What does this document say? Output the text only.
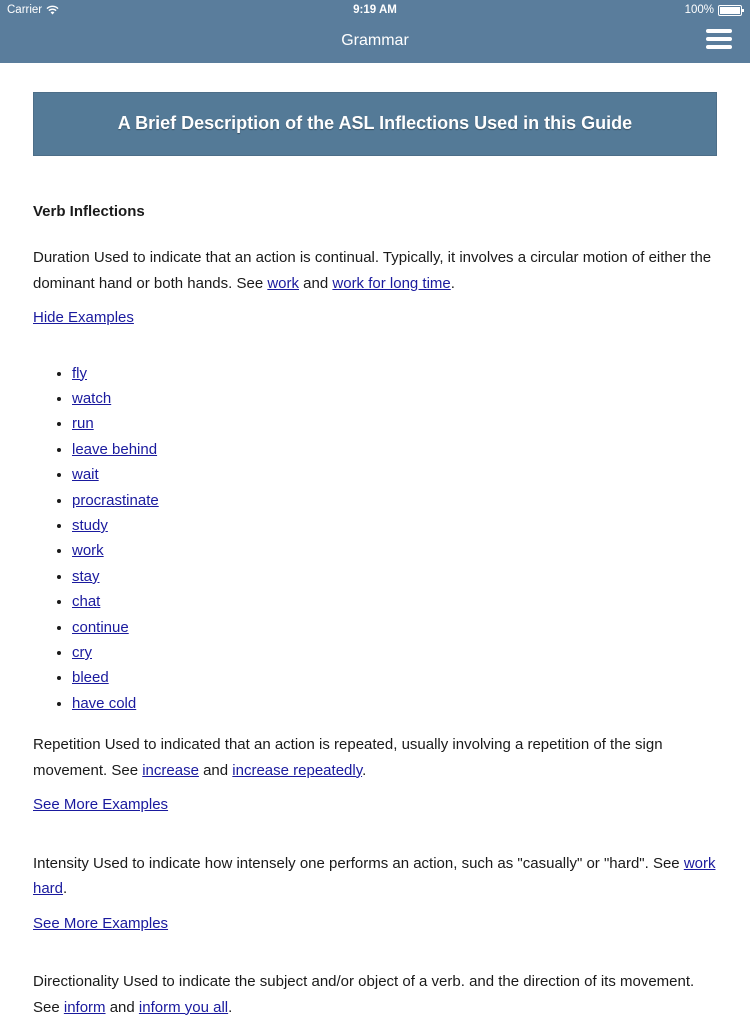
Carrier	9:19 AM	100%
Grammar
A Brief Description of the ASL Inflections Used in this Guide
Verb Inflections

Duration Used to indicate that an action is continual. Typically, it involves a circular motion of either the dominant hand or both hands. See work and work for long time.

Hide Examples
• fly
• watch
• run
• leave behind
• wait
• procrastinate
• study
• work
• stay
• chat
• continue
• cry
• bleed
• have cold

Repetition Used to indicated that an action is repeated, usually involving a repetition of the sign movement. See increase and increase repeatedly.

See More Examples

Intensity Used to indicate how intensely one performs an action, such as "casually" or "hard". See work hard.

See More Examples

Directionality Used to indicate the subject and/or object of a verb. and the direction of its movement. See inform and inform you all.
